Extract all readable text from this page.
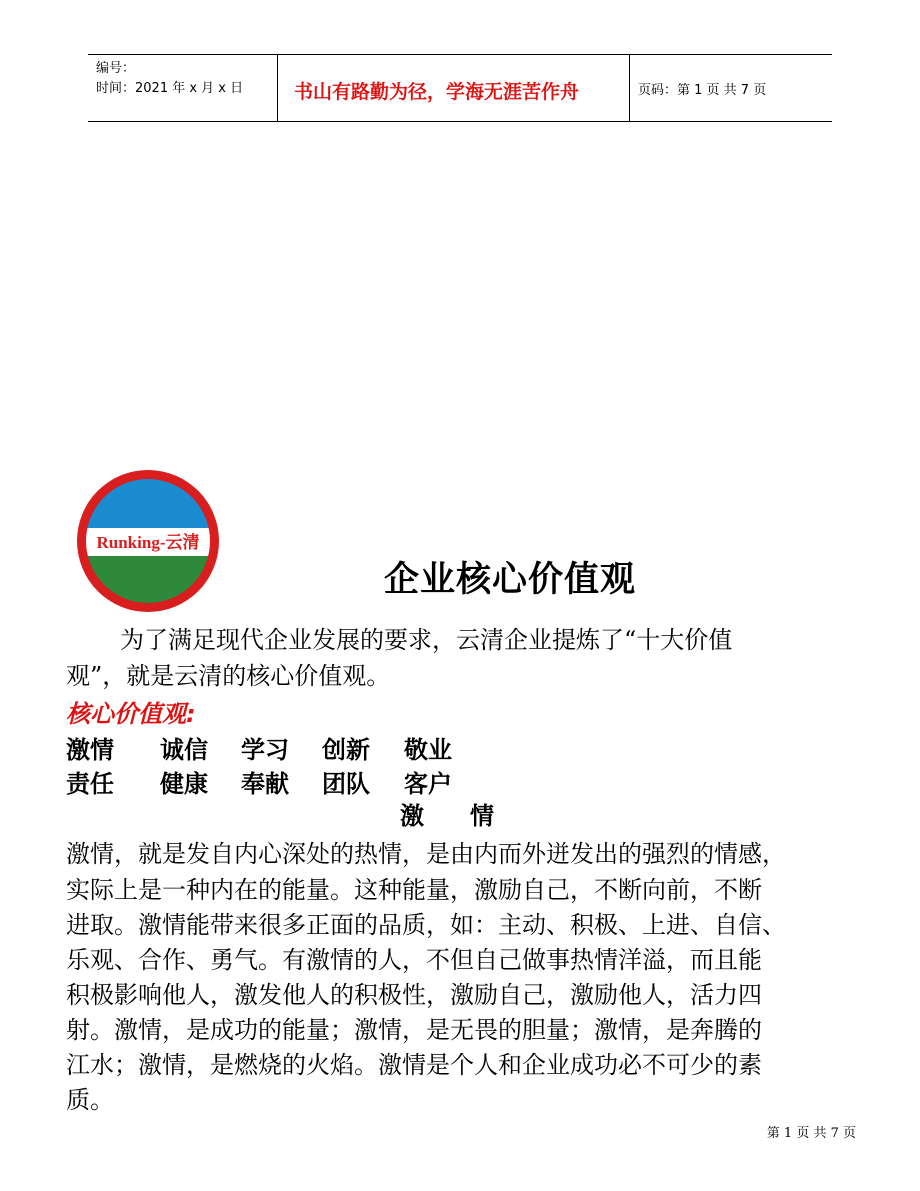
编号：
时间：2021 年 x 月 x 日	书山有路勤为径，学海无涯苦作舟	页码：第 1 页 共 7 页
Runking-云清
企业核心价值观
为了满足现代企业发展的要求，云清企业提炼了“十大价值
观”，就是云清的核心价值观。
核心价值观:
激情 诚信 学习 创新 敬业
责任 健康 奉献 团队 客户
激情
激情，就是发自内心深处的热情，是由内而外迸发出的强烈的情感，
实际上是一种内在的能量。这种能量，激励自己，不断向前，不断
进取。激情能带来很多正面的品质，如：主动、积极、上进、自信、
乐观、合作、勇气。有激情的人，不但自己做事热情洋溢，而且能
积极影响他人，激发他人的积极性，激励自己，激励他人，活力四
射。激情，是成功的能量；激情，是无畏的胆量；激情，是奔腾的
江水；激情，是燃烧的火焰。激情是个人和企业成功必不可少的素
质。
第 1 页 共 7 页
